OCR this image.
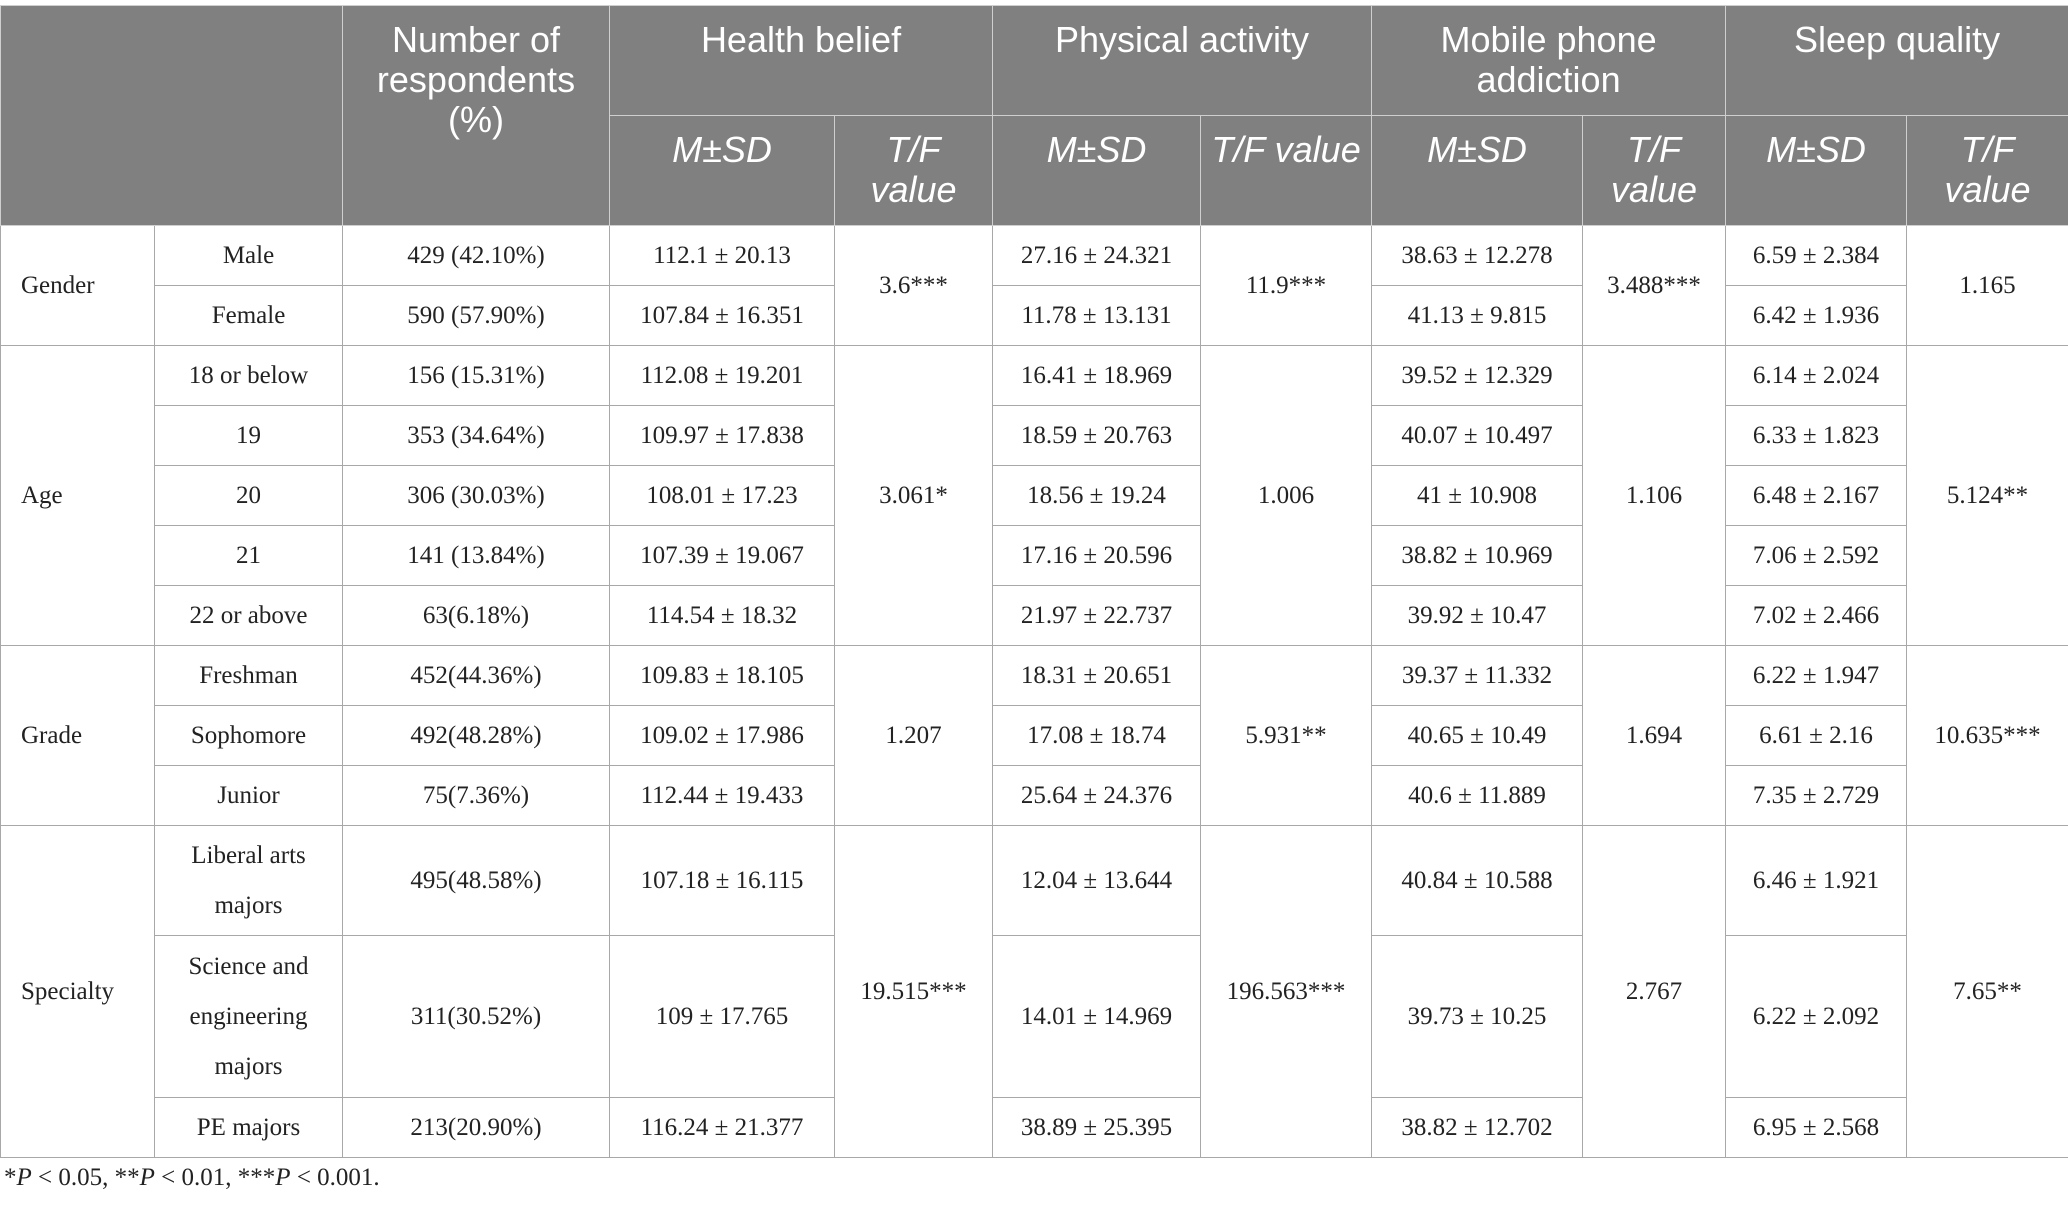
		Number of respondents (%)	Health belief		Physical activity		Mobile phone addiction		Sleep quality	
			M±SD	T/F value	M±SD	T/F value	M±SD	T/F value	M±SD	T/F value
Gender	Male	429 (42.10%)	112.1 ± 20.13	3.6***	27.16 ± 24.321	11.9***	38.63 ± 12.278	3.488***	6.59 ± 2.384	1.165
	Female	590 (57.90%)	107.84 ± 16.351		11.78 ± 13.131		41.13 ± 9.815		6.42 ± 1.936	
Age	18 or below	156 (15.31%)	112.08 ± 19.201	3.061*	16.41 ± 18.969	1.006	39.52 ± 12.329	1.106	6.14 ± 2.024	5.124**
	19	353 (34.64%)	109.97 ± 17.838		18.59 ± 20.763		40.07 ± 10.497		6.33 ± 1.823	
	20	306 (30.03%)	108.01 ± 17.23		18.56 ± 19.24		41 ± 10.908		6.48 ± 2.167	
	21	141 (13.84%)	107.39 ± 19.067		17.16 ± 20.596		38.82 ± 10.969		7.06 ± 2.592	
	22 or above	63(6.18%)	114.54 ± 18.32		21.97 ± 22.737		39.92 ± 10.47		7.02 ± 2.466	
Grade	Freshman	452(44.36%)	109.83 ± 18.105	1.207	18.31 ± 20.651	5.931**	39.37 ± 11.332	1.694	6.22 ± 1.947	10.635***
	Sophomore	492(48.28%)	109.02 ± 17.986		17.08 ± 18.74		40.65 ± 10.49		6.61 ± 2.16	
	Junior	75(7.36%)	112.44 ± 19.433		25.64 ± 24.376		40.6 ± 11.889		7.35 ± 2.729	
Specialty	Liberal arts majors	495(48.58%)	107.18 ± 16.115	19.515***	12.04 ± 13.644	196.563***	40.84 ± 10.588	2.767	6.46 ± 1.921	7.65**
	Science and engineering majors	311(30.52%)	109 ± 17.765		14.01 ± 14.969		39.73 ± 10.25		6.22 ± 2.092	
	PE majors	213(20.90%)	116.24 ± 21.377		38.89 ± 25.395		38.82 ± 12.702		6.95 ± 2.568	
*P < 0.05, **P < 0.01, ***P < 0.001.
